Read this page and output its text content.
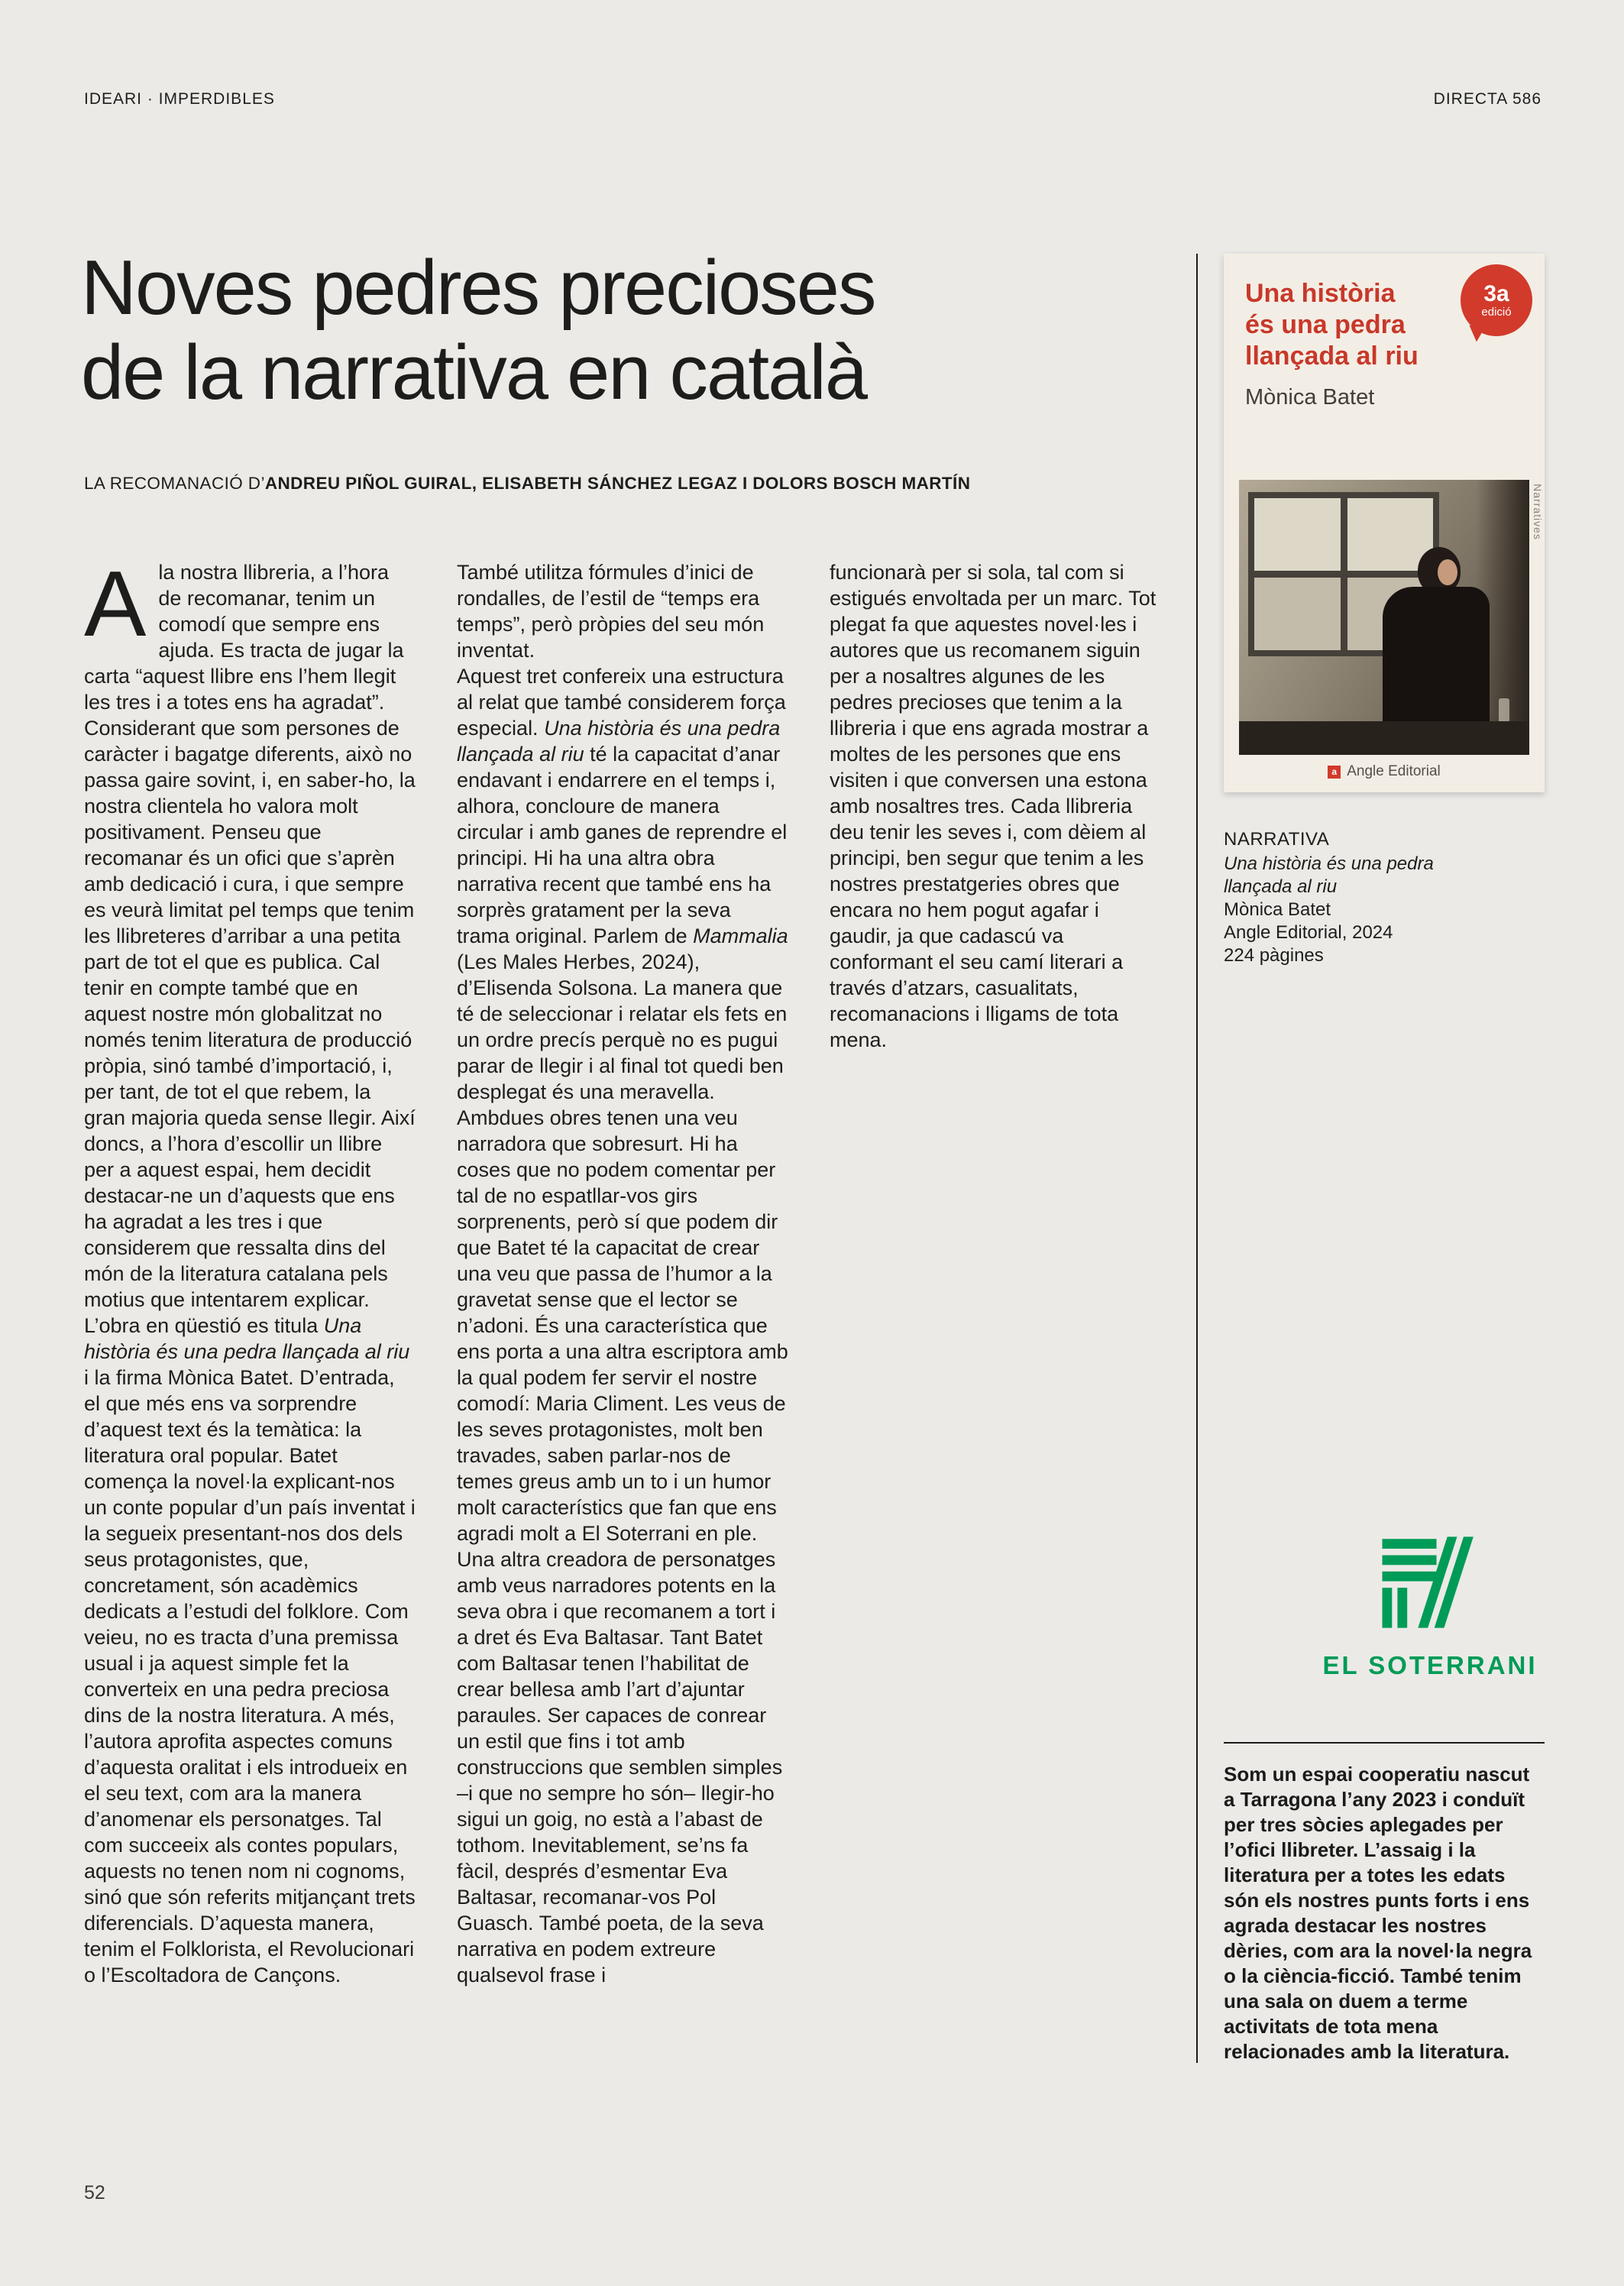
IDEARI · IMPERDIBLES	DIRECTA 586
Noves pedres precioses
de la narrativa en català
LA RECOMANACIÓ D’ANDREU PIÑOL GUIRAL, ELISABETH SÁNCHEZ LEGAZ I DOLORS BOSCH MARTÍN
A la nostra llibreria, a l’hora de recomanar, tenim un comodí que sempre ens ajuda. Es tracta de jugar la carta “aquest llibre ens l’hem llegit les tres i a totes ens ha agradat”. Considerant que som persones de caràcter i bagatge diferents, això no passa gaire sovint, i, en saber-ho, la nostra clientela ho valora molt positivament. Penseu que recomanar és un ofici que s’aprèn amb dedicació i cura, i que sempre es veurà limitat pel temps que tenim les llibreteres d’arribar a una petita part de tot el que es publica. Cal tenir en compte també que en aquest nostre món globalitzat no només tenim literatura de producció pròpia, sinó també d’importació, i, per tant, de tot el que rebem, la gran majoria queda sense llegir. Així doncs, a l’hora d’escollir un llibre per a aquest espai, hem decidit destacar-ne un d’aquests que ens ha agradat a les tres i que considerem que ressalta dins del món de la literatura catalana pels motius que intentarem explicar. L’obra en qüestió es titula Una història és una pedra llançada al riu i la firma Mònica Batet. D’entrada, el que més ens va sorprendre d’aquest text és la temàtica: la literatura oral popular. Batet comença la novel·la explicant-nos un conte popular d’un país inventat i la segueix presentant-nos dos dels seus protagonistes, que, concretament, són acadèmics dedicats a l’estudi del folklore. Com veieu, no es tracta d’una premissa usual i ja aquest simple fet la converteix en una pedra preciosa dins de la nostra literatura. A més, l’autora aprofita aspectes comuns d’aquesta oralitat i els introdueix en el seu text, com ara la manera d’anomenar els personatges. Tal com succeeix als contes populars, aquests no tenen nom ni cognoms, sinó que són referits mitjançant trets diferencials. D’aquesta manera, tenim el Folklorista, el Revolucionari o l’Escoltadora de Cançons.

També utilitza fórmules d’inici de rondalles, de l’estil de “temps era temps”, però pròpies del seu món inventat.

Aquest tret confereix una estructura al relat que també considerem força especial. Una història és una pedra llançada al riu té la capacitat d’anar endavant i endarrere en el temps i, alhora, concloure de manera circular i amb ganes de reprendre el principi. Hi ha una altra obra narrativa recent que també ens ha sorprès gratament per la seva trama original. Parlem de Mammalia (Les Males Herbes, 2024), d’Elisenda Solsona. La manera que té de seleccionar i relatar els fets en un ordre precís perquè no es pugui parar de llegir i al final tot quedi ben desplegat és una meravella.

Ambdues obres tenen una veu narradora que sobresurt. Hi ha coses que no podem comentar per tal de no espatllar-vos girs sorprenents, però sí que podem dir que Batet té la capacitat de crear una veu que passa de l’humor a la gravetat sense que el lector se n’adoni. És una característica que ens porta a una altra escriptora amb la qual podem fer servir el nostre comodí: Maria Climent. Les veus de les seves protagonistes, molt ben travades, saben parlar-nos de temes greus amb un to i un humor molt característics que fan que ens agradi molt a El Soterrani en ple. Una altra creadora de personatges amb veus narradores potents en la seva obra i que recomanem a tort i a dret és Eva Baltasar. Tant Batet com Baltasar tenen l’habilitat de crear bellesa amb l’art d’ajuntar paraules. Ser capaces de conrear un estil que fins i tot amb construccions que semblen simples –i que no sempre ho són– llegir-ho sigui un goig, no està a l’abast de tothom. Inevitablement, se’ns fa fàcil, després d’esmentar Eva Baltasar, recomanar-vos Pol Guasch. També poeta, de la seva narrativa en podem extreure qualsevol frase i

funcionarà per si sola, tal com si estigués envoltada per un marc. Tot plegat fa que aquestes novel·les i autores que us recomanem siguin per a nosaltres algunes de les pedres precioses que tenim a la llibreria i que ens agrada mostrar a moltes de les persones que ens visiten i que conversen una estona amb nosaltres tres. Cada llibreria deu tenir les seves i, com dèiem al principi, ben segur que tenim a les nostres prestatgeries obres que encara no hem pogut agafar i gaudir, ja que cadascú va conformant el seu camí literari a través d’atzars, casualitats, recomanacions i lligams de tota mena.

3a
edició
Una història
és una pedra
llançada al riu
Mònica Batet
Narratives
a Angle Editorial
NARRATIVA
Una història és una pedra llançada al riu
Mònica Batet
Angle Editorial, 2024
224 pàgines
EL SOTERRANI
Som un espai cooperatiu nascut a Tarragona l’any 2023 i conduït per tres sòcies aplegades per l’ofici llibreter. L’assaig i la literatura per a totes les edats són els nostres punts forts i ens agrada destacar les nostres dèries, com ara la novel·la negra o la ciència-ficció. També tenim una sala on duem a terme activitats de tota mena relacionades amb la literatura.
52
